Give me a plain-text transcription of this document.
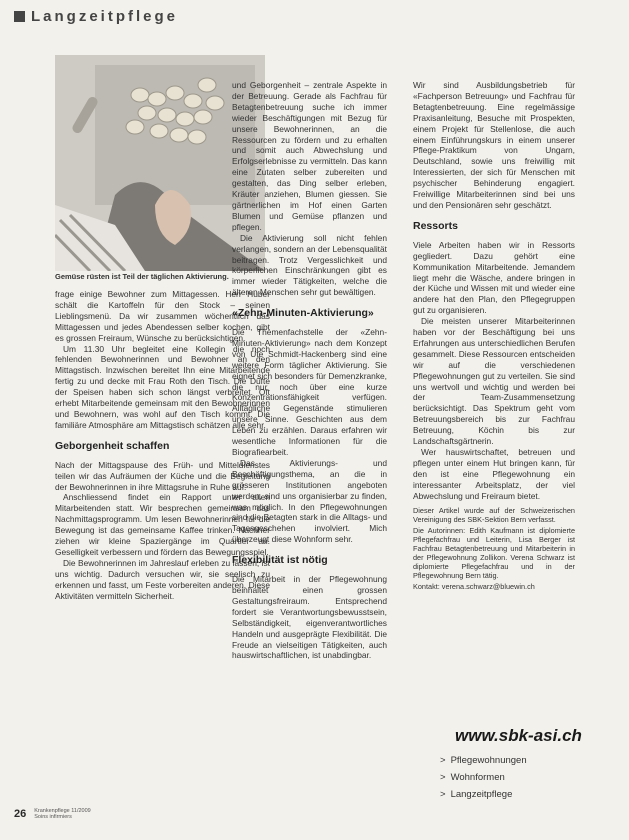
Langzeitpflege
Gemüse rüsten ist Teil der täglichen Aktivierung.

frage einige Bewohner zum Mittagessen. Herr Huber schält die Kartoffeln für den Stock – seinen Lieblingsmenü. Da wir zusammen wöchentlich das Mittagessen und jedes Abendessen selber kochen, gibt es grossen Freiraum, Wünsche zu berücksichtigen.

Um 11.30 Uhr begleitet eine Kollegin die noch fehlenden Bewohnerinnen und Bewohner an den Mittagstisch. Inzwischen bereitet Ihn eine Mitarbeitende fertig zu und decke mit Frau Roth den Tisch. Die Düfte der Speisen haben sich schon längst verbreitet. Oft erhebt Mitarbeitende gemeinsam mit den Bewohnerinnen und Bewohnern, was wohl auf den Tisch kommt. Die familiäre Atmosphäre am Mittagstisch schätzen alle sehr.

Geborgenheit schaffen

Nach der Mittagspause des Früh- und Mitteldienstes teilen wir das Aufräumen der Küche und die Begleitung der Bewohnerinnen in ihre Mittagsruhe in Ruhe auf.

Anschliessend findet ein Rapport unter allen Mitarbeitenden statt. Wir besprechen gemeinsam das Nachmittagsprogramm. Um lesen Bewohnerinnen für die Bewegung ist das gemeinsame Kaffee trinken. Nachher ziehen wir kleine Spaziergänge im Quartier an. Geselligkeit verbessern und fördern das Bewegungsspiel.

Die Bewohnerinnen im Jahreslauf erleben zu lassen, ist uns wichtig. Dadurch versuchen wir, sie seelisch zu erkennen und fasst, um Feste vorbereiten anderen. Diese Aktivitäten vermitteln Sicherheit.

und Geborgenheit – zentrale Aspekte in der Betreuung. Gerade als Fachfrau für Betagtenbetreuung suche ich immer wieder Beschäftigungen mit Bezug für unsere Bewohnerinnen, an die Ressourcen zu fördern und zu erhalten und somit auch Abwechslung und Erfolgserlebnisse zu vermitteln. Das kann eine Zutaten selber zubereiten und gestalten, das Ding selber erleben, Kräuter anziehen, Blumen giessen. Sie gärtnerlichen im Hof einen Garten Blumen und Gemüse pflanzen und pflegen.

Die Aktivierung soll nicht fehlen verlangen, sondern an der Lebensqualität beitragen. Trotz Vergesslichkeit und körperlichen Einschränkungen gibt es immer wieder Tätigkeiten, welche die älteren Menschen sehr gut bewältigen.

«Zehn-Minuten-Aktivierung»

Die Themenfachstelle der «Zehn-Minuten-Aktivierung» nach dem Konzept von Ute Schmidt-Hackenberg sind eine weitere Form täglicher Aktivierung. Sie eignet sich besonders für Demenzkranke, die nur noch über eine kurze Konzentrationsfähigkeit verfügen. Alltägliche Gegenstände stimulieren unsere Sinne. Geschichten aus dem Leben zu erzählen. Daraus erfahren wir wesentliche Informationen für die Biografiearbeit.

Das Aktivierungs- und Beschäftigungsthema, an die in grösseren Institutionen angeboten werden, sind uns organisierbar zu finden, was möglich. In den Pflegewohnungen sind die Betagten stark in die Alltags- und Tagesgeschehen involviert. Mich überzeugt diese Wohnform sehr.

Flexibilität ist nötig

Die Mitarbeit in der Pflegewohnung beinhaltet einen grossen Gestaltungsfreiraum. Entsprechend fordert sie Verantwortungsbewusstsein, Selbständigkeit, eigenverantwortliches Handeln und ausgeprägte Flexibilität. Die Freude an vielseitigen Tätigkeiten, auch hauswirtschaftlichen, ist unabdingbar.

Wir sind Ausbildungsbetrieb für «Fachperson Betreuung» und Fachfrau für Betagtenbetreuung. Eine regelmässige Praxisanleitung, Besuche mit Prospekten, einem Projekt für Stellenlose, die auch einem Einführungskurs in einem unserer Pflege-Praktikum von Ungarn, Deutschland, sowie uns freiwillig mit Interessierten, der sich für Menschen mit psychischer Behinderung engagiert. Freiwillige Mitarbeiterinnen sind bei uns und den Pensionären sehr geschätzt.

Ressorts

Viele Arbeiten haben wir in Ressorts gegliedert. Dazu gehört eine Kommunikation Mitarbeitende. Jemandem liegt mehr die Wäsche, andere bringen in der Küche und Wissen mit und wieder eine andere hat den Plan, den Pflegegruppen gut zu organisieren.

Die meisten unserer Mitarbeiterinnen haben vor der Beschäftigung bei uns Erfahrungen aus unterschiedlichen Berufen gesammelt. Diese Ressourcen entscheiden wir auf die verschiedenen Pflegewohnungen gut zu verteilen. Sie sind uns wertvoll und wichtig und werden bei der Team-Zusammensetzung berücksichtigt. Das Spektrum geht vom Betreuungsbereich bis zur Fachfrau Betreuung, Köchin bis zur Landschaftsgärtnerin.

Wer hauswirtschaftet, betreuen und pflegen unter einem Hut bringen kann, für den ist eine Pflegewohnung ein interessanter Arbeitsplatz, der viel Abwechslung und Freiraum bietet.

Dieser Artikel wurde auf der Schweizerischen Vereinigung des SBK-Sektion Bern verfasst.

Die Autorinnen: Edith Kaufmann ist diplomierte Pflegefachfrau und Leiterin, Lisa Berger ist Fachfrau Betagtenbetreuung und Mitarbeiterin in der Pflegewohnung Zollikon. Verena Schwarz ist diplomierte Pflegefachfrau und in der Pflegewohnung Bern tätig.

Kontakt: verena.schwarz@bluewin.ch

www.sbk-asi.ch
> Pflegewohnungen
> Wohnformen
> Langzeitpflege
26 Krankenpflege 11/2009
Soins infirmiers
